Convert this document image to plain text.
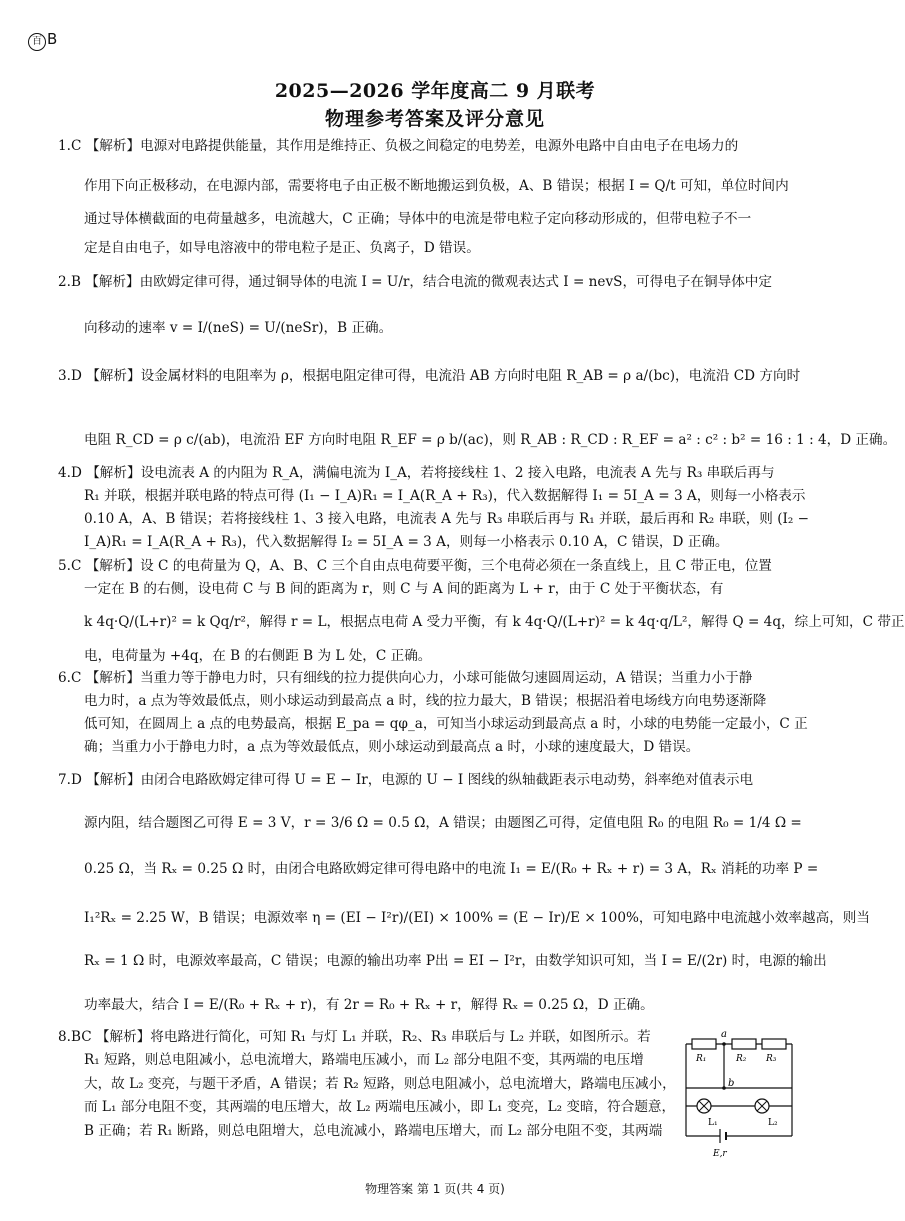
百 B
2025—2026 学年度高二 9 月联考
物理参考答案及评分意见
1.C 【解析】电源对电路提供能量，其作用是维持正、负极之间稳定的电势差，电源外电路中自由电子在电场力的
作用下向正极移动，在电源内部，需要将电子由正极不断地搬运到负极，A、B 错误；根据 I = Q/t 可知，单位时间内
通过导体横截面的电荷量越多，电流越大，C 正确；导体中的电流是带电粒子定向移动形成的，但带电粒子不一
定是自由电子，如导电溶液中的带电粒子是正、负离子，D 错误。
2.B 【解析】由欧姆定律可得，通过铜导体的电流 I = U/r，结合电流的微观表达式 I = nevS，可得电子在铜导体中定
向移动的速率 v = I/(neS) = U/(neSr)，B 正确。
3.D 【解析】设金属材料的电阻率为 ρ，根据电阻定律可得，电流沿 AB 方向时电阻 R_AB = ρ a/(bc)，电流沿 CD 方向时
电阻 R_CD = ρ c/(ab)，电流沿 EF 方向时电阻 R_EF = ρ b/(ac)，则 R_AB : R_CD : R_EF = a² : c² : b² = 16 : 1 : 4，D 正确。
4.D 【解析】设电流表 A 的内阻为 R_A，满偏电流为 I_A，若将接线柱 1、2 接入电路，电流表 A 先与 R₃ 串联后再与
R₁ 并联，根据并联电路的特点可得 (I₁ − I_A)R₁ = I_A(R_A + R₃)，代入数据解得 I₁ = 5I_A = 3 A，则每一小格表示
0.10 A，A、B 错误；若将接线柱 1、3 接入电路，电流表 A 先与 R₃ 串联后再与 R₁ 并联，最后再和 R₂ 串联，则 (I₂ −
I_A)R₁ = I_A(R_A + R₃)，代入数据解得 I₂ = 5I_A = 3 A，则每一小格表示 0.10 A，C 错误，D 正确。
5.C 【解析】设 C 的电荷量为 Q，A、B、C 三个自由点电荷要平衡，三个电荷必须在一条直线上，且 C 带正电，位置
一定在 B 的右侧，设电荷 C 与 B 间的距离为 r，则 C 与 A 间的距离为 L + r，由于 C 处于平衡状态，有
k 4q·Q/(L+r)² = k Qq/r²，解得 r = L，根据点电荷 A 受力平衡，有 k 4q·Q/(L+r)² = k 4q·q/L²，解得 Q = 4q，综上可知，C 带正
电，电荷量为 +4q，在 B 的右侧距 B 为 L 处，C 正确。
6.C 【解析】当重力等于静电力时，只有细线的拉力提供向心力，小球可能做匀速圆周运动，A 错误；当重力小于静
电力时，a 点为等效最低点，则小球运动到最高点 a 时，线的拉力最大，B 错误；根据沿着电场线方向电势逐渐降
低可知，在圆周上 a 点的电势最高，根据 E_pa = qφ_a，可知当小球运动到最高点 a 时，小球的电势能一定最小，C 正
确；当重力小于静电力时，a 点为等效最低点，则小球运动到最高点 a 时，小球的速度最大，D 错误。
7.D 【解析】由闭合电路欧姆定律可得 U = E − Ir，电源的 U − I 图线的纵轴截距表示电动势，斜率绝对值表示电
源内阻，结合题图乙可得 E = 3 V，r = 3/6 Ω = 0.5 Ω，A 错误；由题图乙可得，定值电阻 R₀ 的电阻 R₀ = 1/4 Ω =
0.25 Ω，当 Rₓ = 0.25 Ω 时，由闭合电路欧姆定律可得电路中的电流 I₁ = E/(R₀ + Rₓ + r) = 3 A，Rₓ 消耗的功率 P =
I₁²Rₓ = 2.25 W，B 错误；电源效率 η = (EI − I²r)/(EI) × 100% = (E − Ir)/E × 100%，可知电路中电流越小效率越高，则当
Rₓ = 1 Ω 时，电源效率最高，C 错误；电源的输出功率 P出 = EI − I²r，由数学知识可知，当 I = E/(2r) 时，电源的输出
功率最大，结合 I = E/(R₀ + Rₓ + r)，有 2r = R₀ + Rₓ + r，解得 Rₓ = 0.25 Ω，D 正确。
8.BC 【解析】将电路进行简化，可知 R₁ 与灯 L₁ 并联，R₂、R₃ 串联后与 L₂ 并联，如图所示。若
R₁ 短路，则总电阻减小，总电流增大，路端电压减小，而 L₂ 部分电阻不变，其两端的电压增
大，故 L₂ 变亮，与题干矛盾，A 错误；若 R₂ 短路，则总电阻减小，总电流增大，路端电压减小，
而 L₁ 部分电阻不变，其两端的电压增大，故 L₂ 两端电压减小，即 L₁ 变亮，L₂ 变暗，符合题意，
B 正确；若 R₁ 断路，则总电阻增大，总电流减小，路端电压增大，而 L₂ 部分电阻不变，其两端
a
b
R₁	R₂ R₃
L₁	L₂
E,r
物理答案 第 1 页(共 4 页)
